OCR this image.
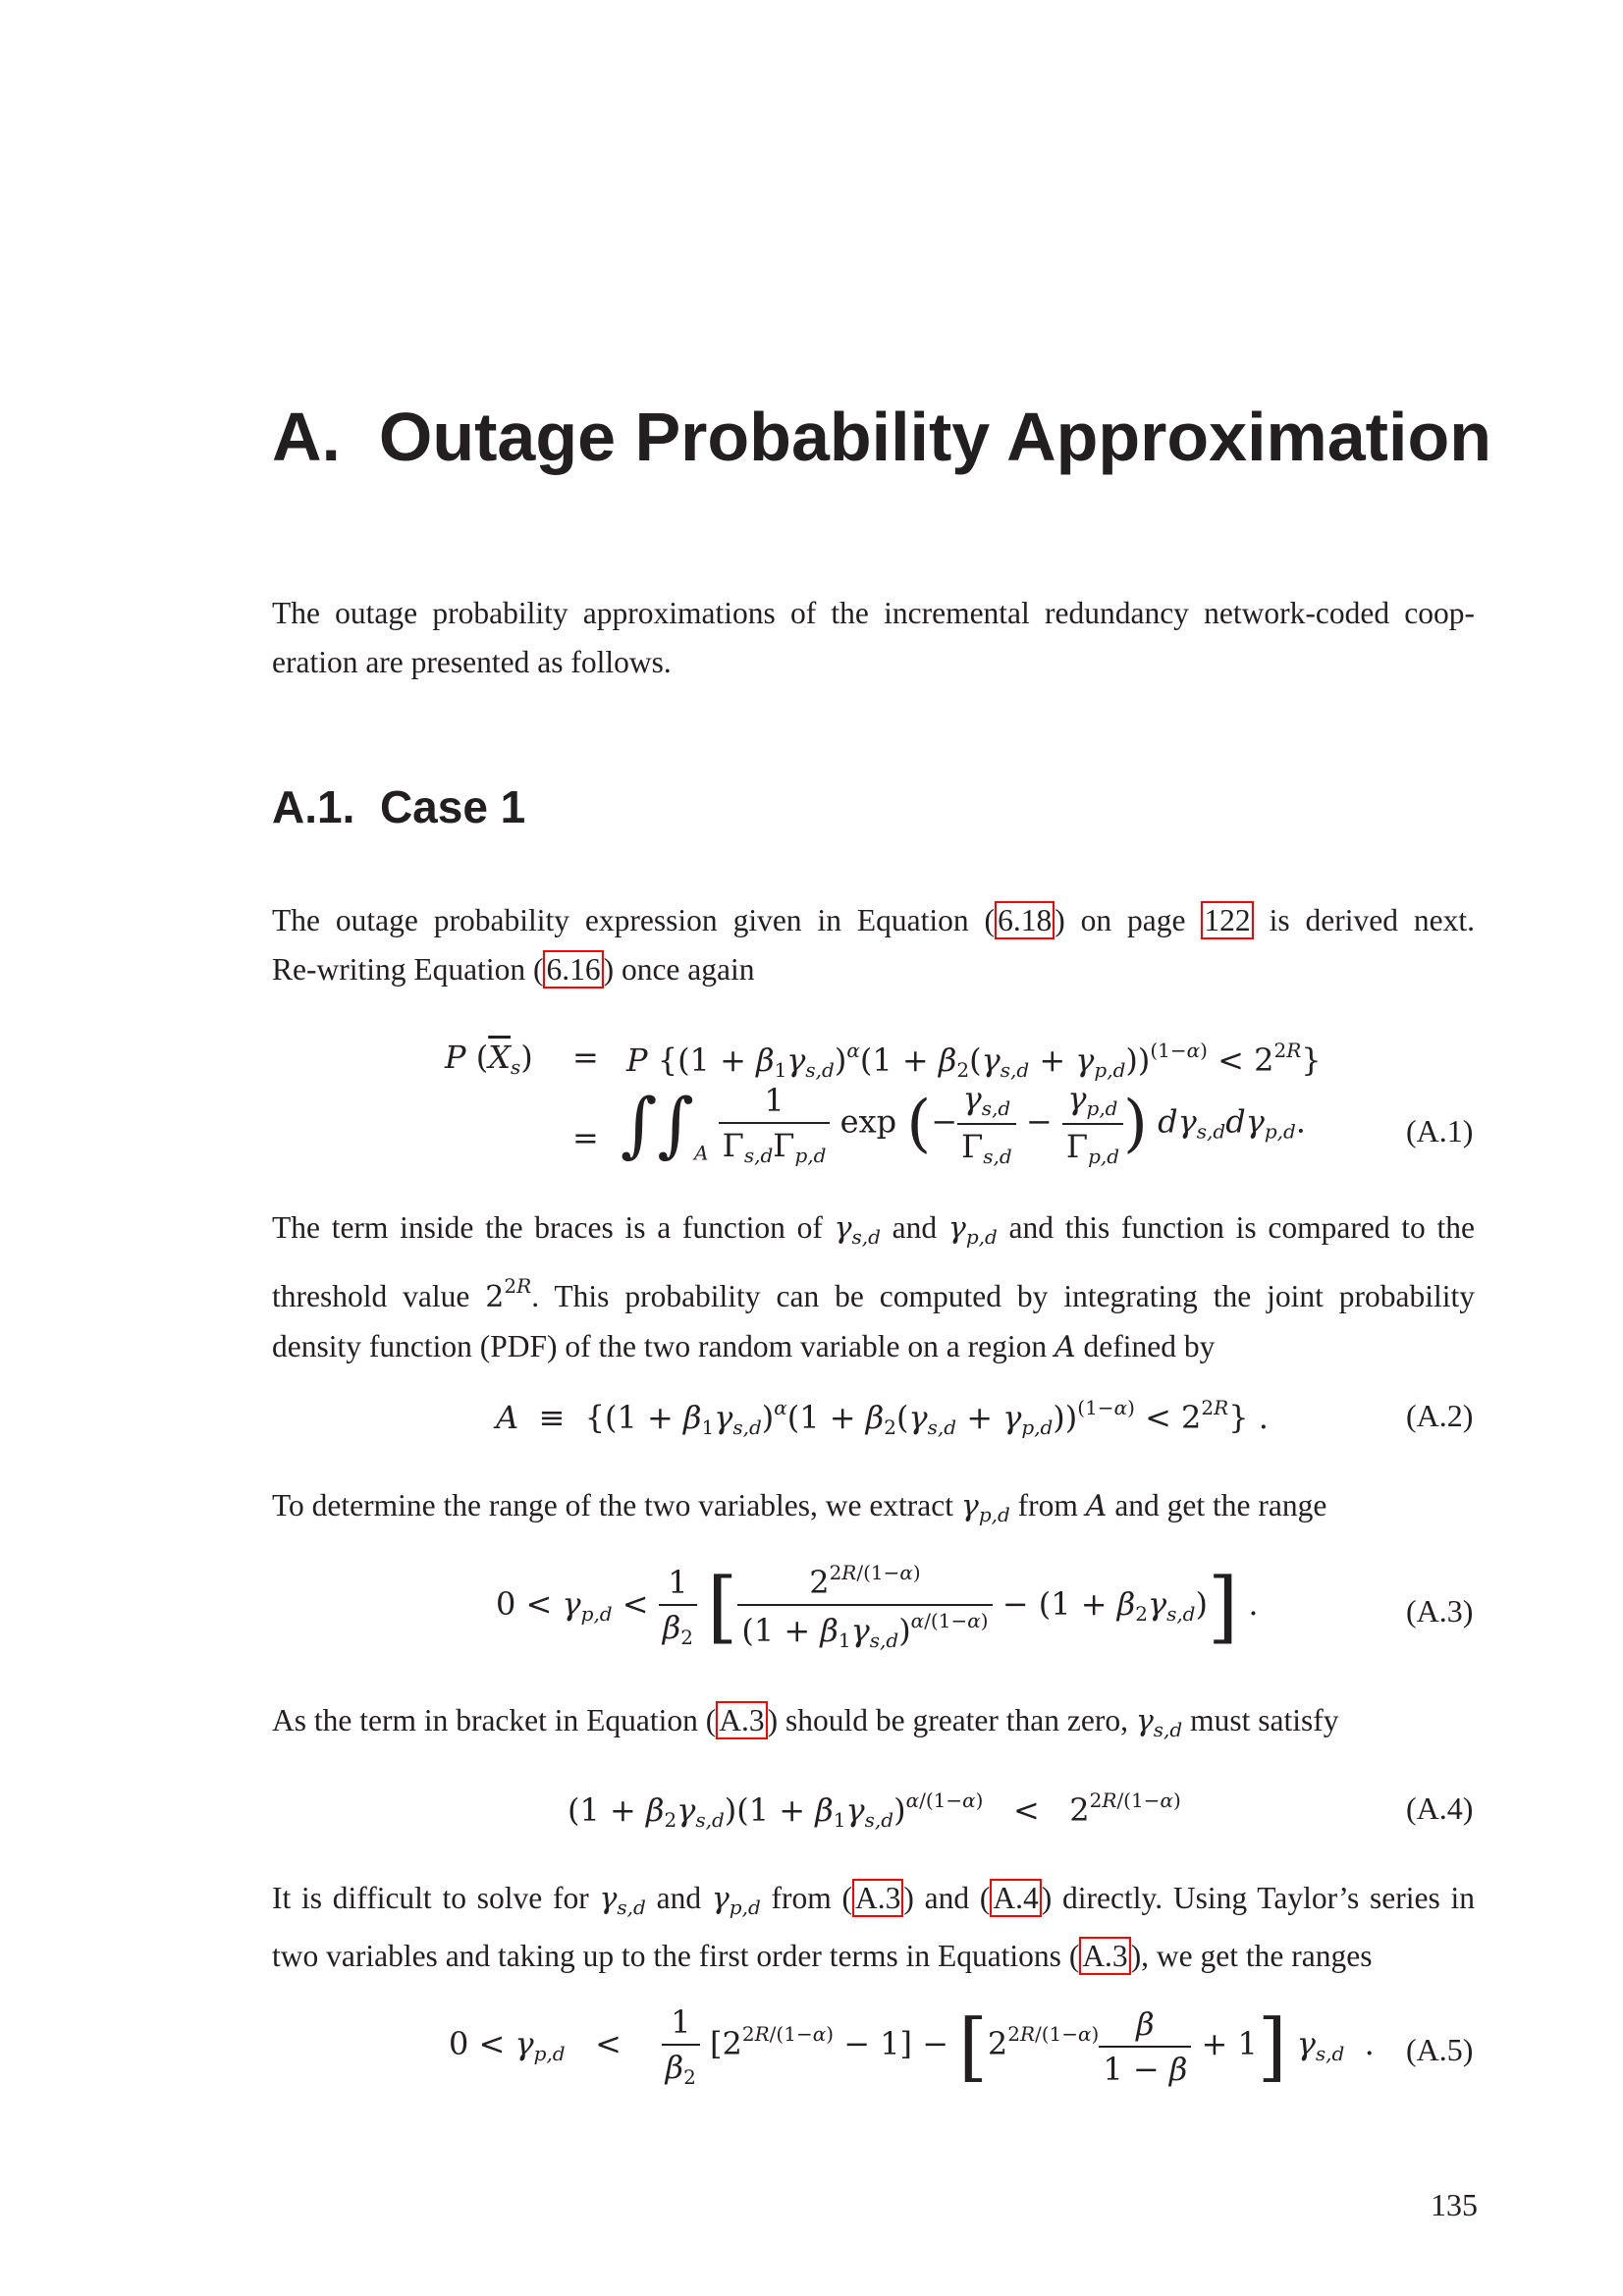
A. Outage Probability Approximation

The outage probability approximations of the incremental redundancy network-coded coop-
eration are presented as follows.

A.1. Case 1

The outage probability expression given in Equation (6.18) on page 122 is derived next.
Re-writing Equation (6.16) once again

P $(\overline{X}_s) = P$ $\{(1 + \beta_1\gamma_{s,d})^\alpha(1 + \beta_2(\gamma_{s,d} + \gamma_{p,d}))^{(1-\alpha)} < 2^{2R}\}$
= $\int\int_A \frac{1}{\Gamma_{s,d}\Gamma_{p,d}}$ exp (− $\frac{\gamma_{s,d}}{\Gamma_{s,d}} - \frac{\gamma_{p,d}}{\Gamma_{p,d}}$ ) $d\gamma_{s,d}d\gamma_{p,d}$.	(A.1)

The term inside the braces is a function of $\gamma_{s,d}$ and $\gamma_{p,d}$ and this function is compared to the
threshold value $2^{2R}$. This probability can be computed by integrating the joint probability
density function (PDF) of the two random variable on a region A defined by

$A \equiv \{(1 + \beta_1\gamma_{s,d})^\alpha(1 + \beta_2(\gamma_{s,d} + \gamma_{p,d}))^{(1-\alpha)} < 2^{2R}\}$ .	(A.2)

To determine the range of the two variables, we extract $\gamma_{p,d}$ from A and get the range

$0 < \gamma_{p,d} < \frac{1}{\beta_2}$ [ $\frac{2^{2R/(1-\alpha)}}{(1 + \beta_1\gamma_{s,d})^{\alpha/(1-\alpha)}} - (1 + \beta_2\gamma_{s,d})$] .	(A.3)

As the term in bracket in Equation (A.3) should be greater than zero, $\gamma_{s,d}$ must satisfy

$(1 + \beta_2\gamma_{s,d})(1 + \beta_1\gamma_{s,d})^{\alpha/(1-\alpha)} < 2^{2R/(1-\alpha)}$	(A.4)

It is difficult to solve for $\gamma_{s,d}$ and $\gamma_{p,d}$ from (A.3) and (A.4) directly. Using Taylor’s series in
two variables and taking up to the first order terms in Equations (A.3), we get the ranges

$0 < \gamma_{p,d} < \frac{1}{\beta_2} [2^{2R/(1-\alpha)} - 1] - [2^{2R/(1-\alpha)} \frac{\beta}{1 - \beta} + 1]$ $\gamma_{s,d}$  . (A.5)
135
